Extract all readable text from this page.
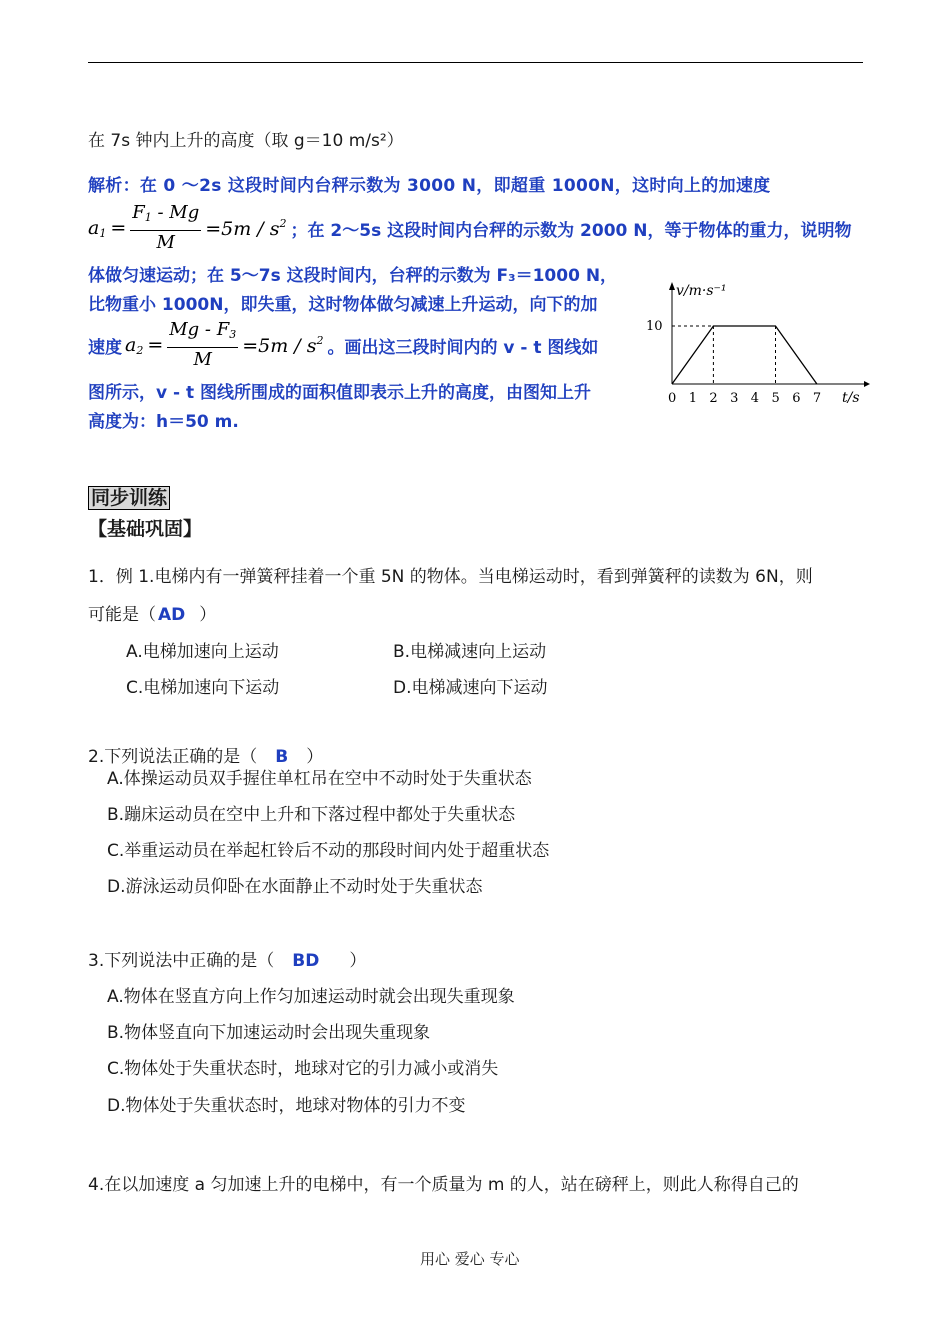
在 7s 钟内上升的高度（取 g＝10 m/s²）
解析：在 0 ～2s 这段时间内台秤示数为 3000 N，即超重 1000N，这时向上的加速度
$a_1 = \frac{F_1 - Mg}{M} =5m / s^2$ ；在 2～5s 这段时间内台秤的示数为 2000 N，等于物体的重力，说明物
体做匀速运动；在 5～7s 这段时间内，台秤的示数为 F₃＝1000 N，
比物重小 1000N，即失重，这时物体做匀减速上升运动，向下的加
速度 $a_2 = \frac{Mg - F_3}{M} =5m / s^2$ 。画出这三段时间内的 v - t 图线如
图所示，v - t 图线所围成的面积值即表示上升的高度，由图知上升
高度为：h＝50 m.
v/m·s⁻¹
t/s
10
0 1 2 3 4 5 6 7
同步训练
【基础巩固】
1．例 1.电梯内有一弹簧秤挂着一个重 5N 的物体。当电梯运动时，看到弹簧秤的读数为 6N，则
可能是（ AD ）
A.电梯加速向上运动	B.电梯减速向上运动
C.电梯加速向下运动	D.电梯减速向下运动
2.下列说法正确的是（ B ）
A.体操运动员双手握住单杠吊在空中不动时处于失重状态
B.蹦床运动员在空中上升和下落过程中都处于失重状态
C.举重运动员在举起杠铃后不动的那段时间内处于超重状态
D.游泳运动员仰卧在水面静止不动时处于失重状态
3.下列说法中正确的是（ BD ）
A.物体在竖直方向上作匀加速运动时就会出现失重现象
B.物体竖直向下加速运动时会出现失重现象
C.物体处于失重状态时，地球对它的引力减小或消失
D.物体处于失重状态时，地球对物体的引力不变
4.在以加速度 a 匀加速上升的电梯中，有一个质量为 m 的人，站在磅秤上，则此人称得自己的
用心 爱心 专心
